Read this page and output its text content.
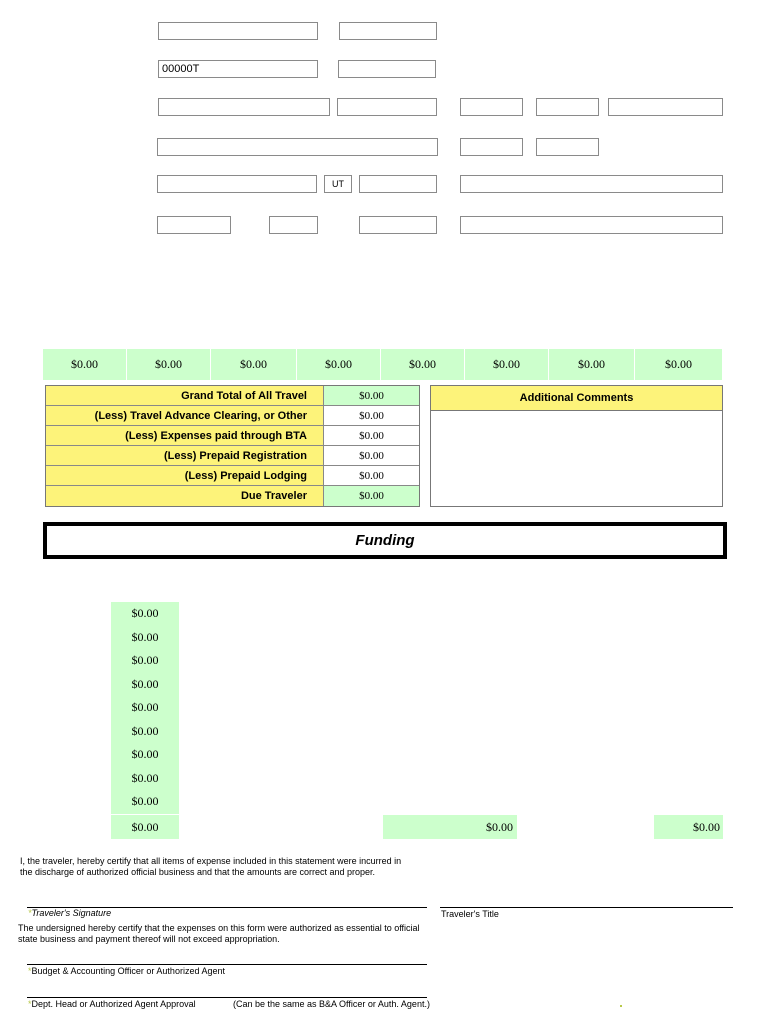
00000T
UT
$0.00	$0.00	$0.00	$0.00	$0.00	$0.00	$0.00	$0.00
Grand Total of All Travel	$0.00
(Less) Travel Advance Clearing, or Other	$0.00
(Less) Expenses paid through BTA	$0.00
(Less) Prepaid Registration	$0.00
(Less) Prepaid Lodging	$0.00
Due Traveler	$0.00
Additional Comments
Funding
$0.00
$0.00
$0.00
$0.00
$0.00
$0.00
$0.00
$0.00
$0.00
$0.00	$0.00	$0.00
I, the traveler, hereby certify that all items of expense included in this statement were incurred in the discharge of authorized official business and that the amounts are correct and proper.
*Traveler's Signature	Traveler's Title
The undersigned hereby certify that the expenses on this form were authorized as essential to official state business and payment thereof will not exceed appropriation.
*Budget & Accounting Officer or Authorized Agent
*Dept. Head or Authorized Agent Approval	(Can be the same as B&A Officer or Auth. Agent.)
